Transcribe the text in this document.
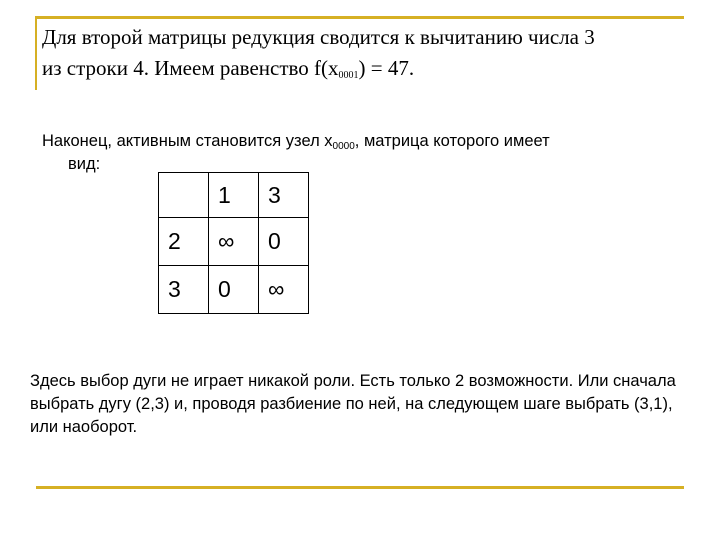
Для второй матрицы редукция сводится к вычитанию числа 3
из строки 4. Имеем равенство $f(x_{0001}) = 47$.
Наконец, активным становится узел $x_{0000}$, матрица которого имеет
вид:
	1	3
2	∞	0
3	0	∞
Здесь выбор дуги не играет никакой роли. Есть только 2 возможности. Или сначала выбрать дугу (2,3) и, проводя разбиение по ней, на следующем шаге выбрать (3,1), или наоборот.
